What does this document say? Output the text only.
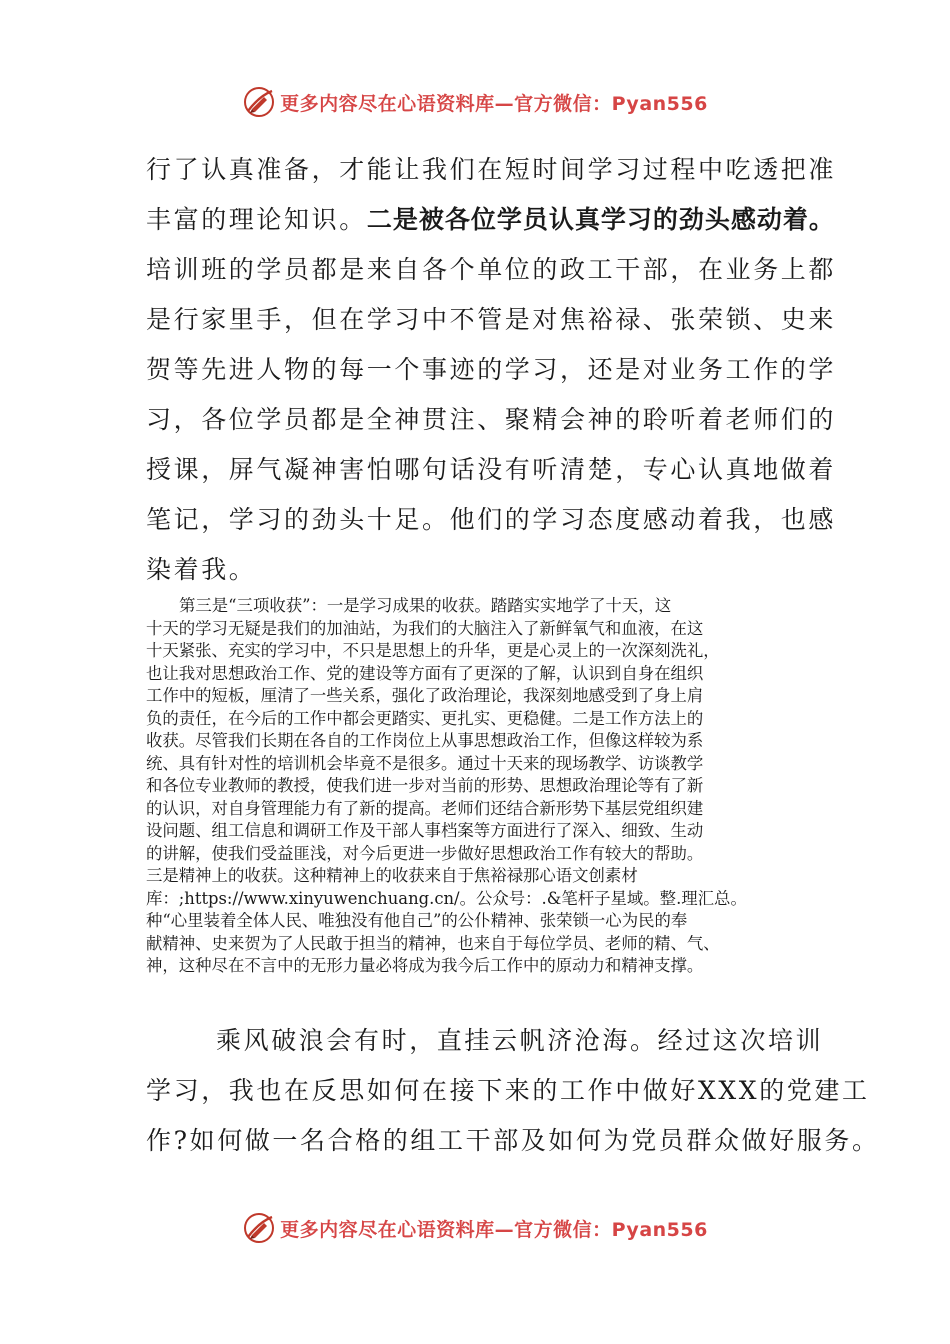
更多内容尽在心语资料库—官方微信：Pyan556
行了认真准备，才能让我们在短时间学习过程中吃透把准
丰富的理论知识。二是被各位学员认真学习的劲头感动着。
培训班的学员都是来自各个单位的政工干部，在业务上都
是行家里手，但在学习中不管是对焦裕禄、张荣锁、史来
贺等先进人物的每一个事迹的学习，还是对业务工作的学
习，各位学员都是全神贯注、聚精会神的聆听着老师们的
授课，屏气凝神害怕哪句话没有听清楚，专心认真地做着
笔记，学习的劲头十足。他们的学习态度感动着我，也感
染着我。
第三是“三项收获”：一是学习成果的收获。踏踏实实地学了十天，这
十天的学习无疑是我们的加油站，为我们的大脑注入了新鲜氧气和血液，在这
十天紧张、充实的学习中，不只是思想上的升华，更是心灵上的一次深刻洗礼，
也让我对思想政治工作、党的建设等方面有了更深的了解，认识到自身在组织
工作中的短板，厘清了一些关系，强化了政治理论，我深刻地感受到了身上肩
负的责任，在今后的工作中都会更踏实、更扎实、更稳健。二是工作方法上的
收获。尽管我们长期在各自的工作岗位上从事思想政治工作，但像这样较为系
统、具有针对性的培训机会毕竟不是很多。通过十天来的现场教学、访谈教学
和各位专业教师的教授，使我们进一步对当前的形势、思想政治理论等有了新
的认识，对自身管理能力有了新的提高。老师们还结合新形势下基层党组织建
设问题、组工信息和调研工作及干部人事档案等方面进行了深入、细致、生动
的讲解，使我们受益匪浅，对今后更进一步做好思想政治工作有较大的帮助。
三是精神上的收获。这种精神上的收获来自于焦裕禄那心语文创素材
库：;https://www.xinyuwenchuang.cn/。公众号：.&笔杆子星域。整.理汇总。
种“心里装着全体人民、唯独没有他自己”的公仆精神、张荣锁一心为民的奉
献精神、史来贺为了人民敢于担当的精神，也来自于每位学员、老师的精、气、
神，这种尽在不言中的无形力量必将成为我今后工作中的原动力和精神支撑。
乘风破浪会有时，直挂云帆济沧海。经过这次培训
学习，我也在反思如何在接下来的工作中做好XXX的党建工
作?如何做一名合格的组工干部及如何为党员群众做好服务。
更多内容尽在心语资料库—官方微信：Pyan556
